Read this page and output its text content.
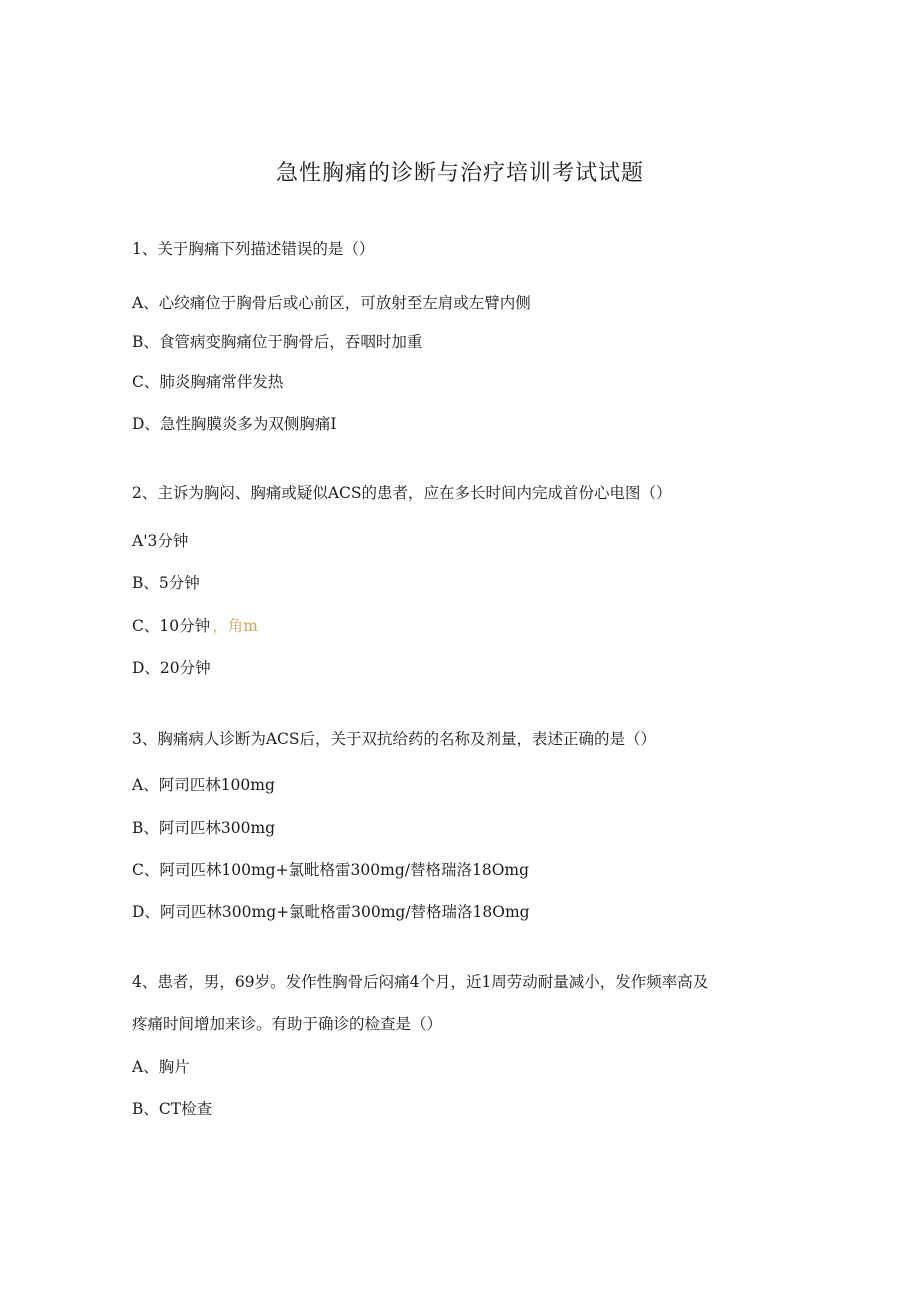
急性胸痛的诊断与治疗培训考试试题
1、关于胸痛下列描述错误的是（）
A、心绞痛位于胸骨后或心前区，可放射至左肩或左臂内侧
B、食管病变胸痛位于胸骨后，吞咽时加重
C、肺炎胸痛常伴发热
D、急性胸膜炎多为双侧胸痛I
2、主诉为胸闷、胸痛或疑似ACS的患者，应在多长时间内完成首份心电图（）
A'3分钟
B、5分钟
C、10分钟 ，角m
D、20分钟
3、胸痛病人诊断为ACS后，关于双抗给药的名称及剂量，表述正确的是（）
A、阿司匹林100mg
B、阿司匹林300mg
C、阿司匹林100mg+氯毗格雷300mg∕替格瑞洛18Omg
D、阿司匹林300mg+氯毗格雷300mg∕替格瑞洛18Omg
4、患者，男，69岁。发作性胸骨后闷痛4个月，近1周劳动耐量减小，发作频率高及
疼痛时间增加来诊。有助于确诊的检查是（）
A、胸片
B、CT检查
